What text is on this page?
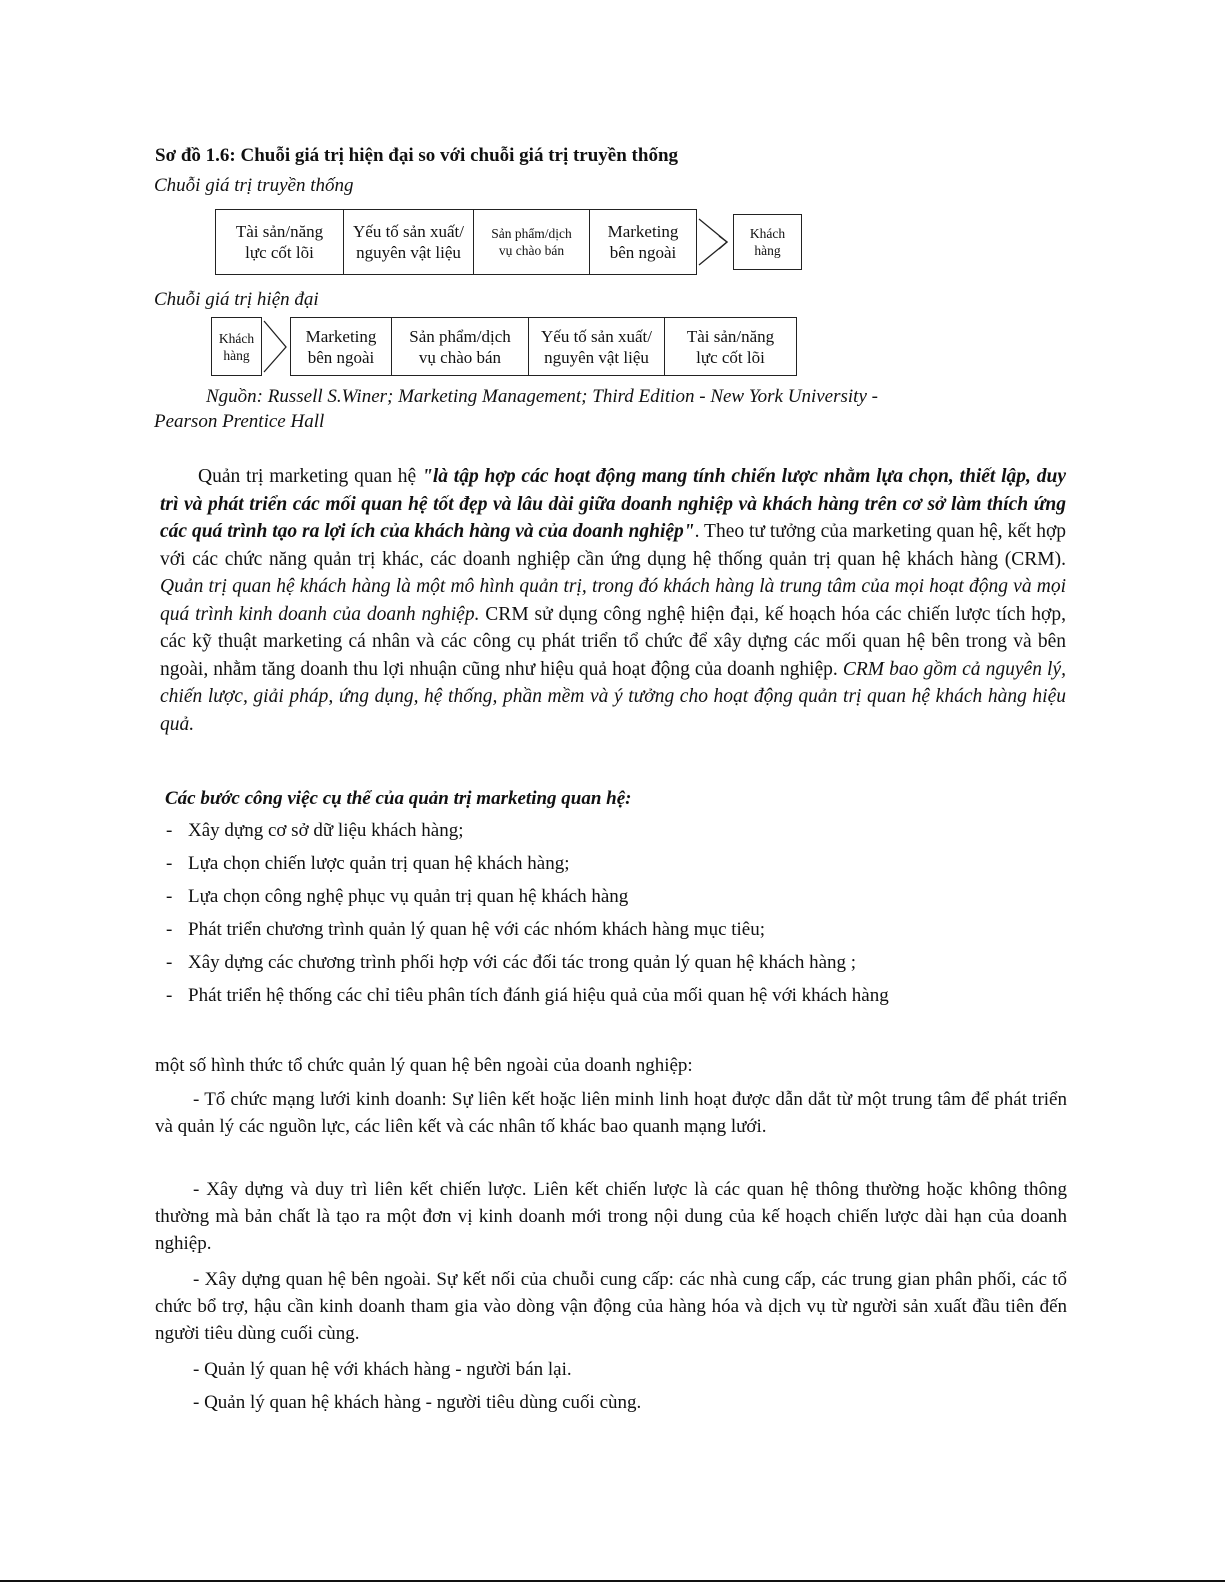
Sơ đồ 1.6: Chuỗi giá trị hiện đại so với chuỗi giá trị truyền thống
Chuỗi giá trị truyền thống
Tài sản/năng
lực cốt lõi
Yếu tố sản xuất/
nguyên vật liệu
Sản phẩm/dịch
vụ chào bán
Marketing
bên ngoài
Khách
hàng
Chuỗi giá trị hiện đại
Khách
hàng
Marketing
bên ngoài
Sản phẩm/dịch
vụ chào bán
Yếu tố sản xuất/
nguyên vật liệu
Tài sản/năng
lực cốt lõi
Nguồn: Russell S.Winer; Marketing Management; Third Edition - New York University -
Pearson Prentice Hall
Quản trị marketing quan hệ "là tập hợp các hoạt động mang tính chiến lược nhằm lựa chọn, thiết lập, duy trì và phát triển các mối quan hệ tốt đẹp và lâu dài giữa doanh nghiệp và khách hàng trên cơ sở làm thích ứng các quá trình tạo ra lợi ích của khách hàng và của doanh nghiệp". Theo tư tưởng của marketing quan hệ, kết hợp với các chức năng quản trị khác, các doanh nghiệp cần ứng dụng hệ thống quản trị quan hệ khách hàng (CRM). Quản trị quan hệ khách hàng là một mô hình quản trị, trong đó khách hàng là trung tâm của mọi hoạt động và mọi quá trình kinh doanh của doanh nghiệp. CRM sử dụng công nghệ hiện đại, kế hoạch hóa các chiến lược tích hợp, các kỹ thuật marketing cá nhân và các công cụ phát triển tổ chức để xây dựng các mối quan hệ bên trong và bên ngoài, nhằm tăng doanh thu lợi nhuận cũng như hiệu quả hoạt động của doanh nghiệp. CRM bao gồm cả nguyên lý, chiến lược, giải pháp, ứng dụng, hệ thống, phần mềm và ý tưởng cho hoạt động quản trị quan hệ khách hàng hiệu quả.
Các bước công việc cụ thể của quản trị marketing quan hệ:
- Xây dựng cơ sở dữ liệu khách hàng;
- Lựa chọn chiến lược quản trị quan hệ khách hàng;
- Lựa chọn công nghệ phục vụ quản trị quan hệ khách hàng
- Phát triển chương trình quản lý quan hệ với các nhóm khách hàng mục tiêu;
- Xây dựng các chương trình phối hợp với các đối tác trong quản lý quan hệ khách hàng ;
- Phát triển hệ thống các chỉ tiêu phân tích đánh giá hiệu quả của mối quan hệ với khách hàng
một số hình thức tổ chức quản lý quan hệ bên ngoài của doanh nghiệp:
- Tổ chức mạng lưới kinh doanh: Sự liên kết hoặc liên minh linh hoạt được dẫn dắt từ một trung tâm để phát triển và quản lý các nguồn lực, các liên kết và các nhân tố khác bao quanh mạng lưới.
- Xây dựng và duy trì liên kết chiến lược. Liên kết chiến lược là các quan hệ thông thường hoặc không thông thường mà bản chất là tạo ra một đơn vị kinh doanh mới trong nội dung của kế hoạch chiến lược dài hạn của doanh nghiệp.
- Xây dựng quan hệ bên ngoài. Sự kết nối của chuỗi cung cấp: các nhà cung cấp, các trung gian phân phối, các tổ chức bổ trợ, hậu cần kinh doanh tham gia vào dòng vận động của hàng hóa và dịch vụ từ người sản xuất đầu tiên đến người tiêu dùng cuối cùng.
- Quản lý quan hệ với khách hàng - người bán lại.
- Quản lý quan hệ khách hàng - người tiêu dùng cuối cùng.
